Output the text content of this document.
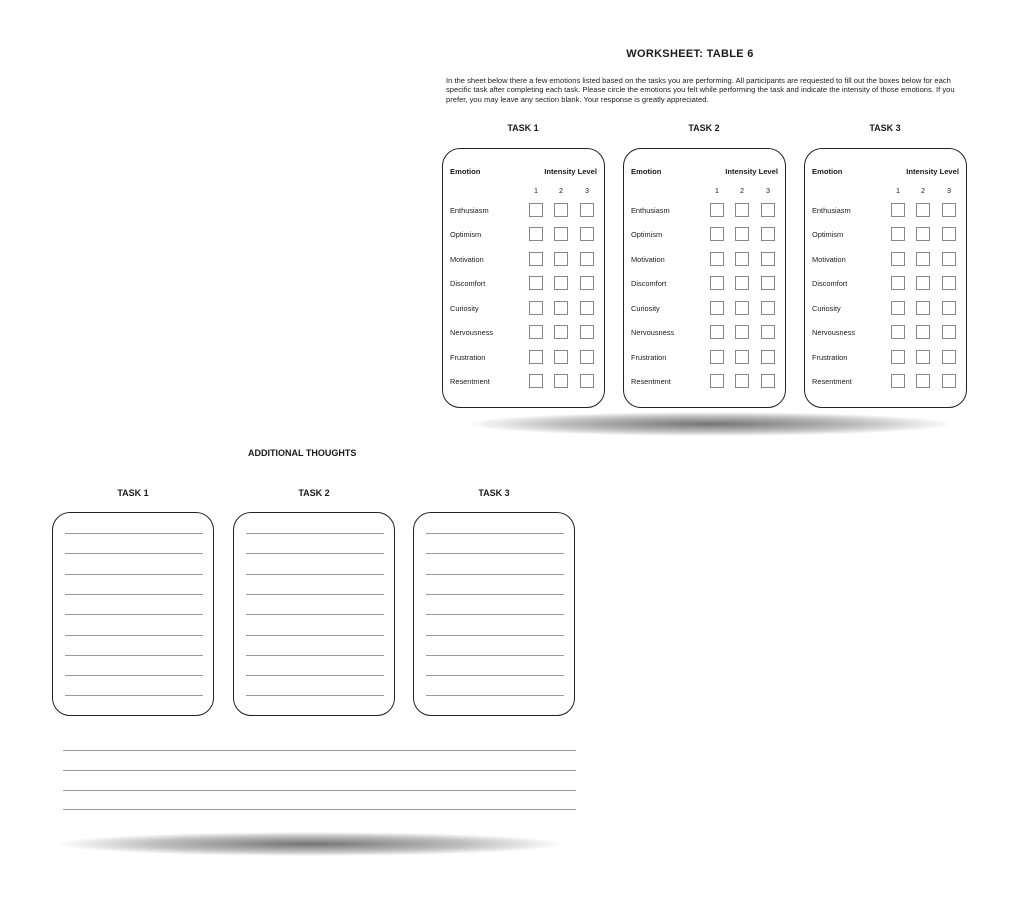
WORKSHEET: TABLE 6
In the sheet below there a few emotions listed based on the tasks you are performing. All participants are requested to fill out the boxes below for each specific task after completing each task. Please circle the emotions you felt while performing the task and indicate the intensity of those emotions. If you prefer, you may leave any section blank. Your response is greatly appreciated.
ADDITIONAL THOUGHTS
TASK 1
Emotion	Intensity Level
1	2	3
Enthusiasm
Optimism
Motivation
Discomfort
Curiosity
Nervousness
Frustration
Resentment
TASK 2
Emotion	Intensity Level
1	2	3
Enthusiasm
Optimism
Motivation
Discomfort
Curiosity
Nervousness
Frustration
Resentment
TASK 3
Emotion	Intensity Level
1	2	3
Enthusiasm
Optimism
Motivation
Discomfort
Curiosity
Nervousness
Frustration
Resentment
TASK 1	TASK 2	TASK 3
